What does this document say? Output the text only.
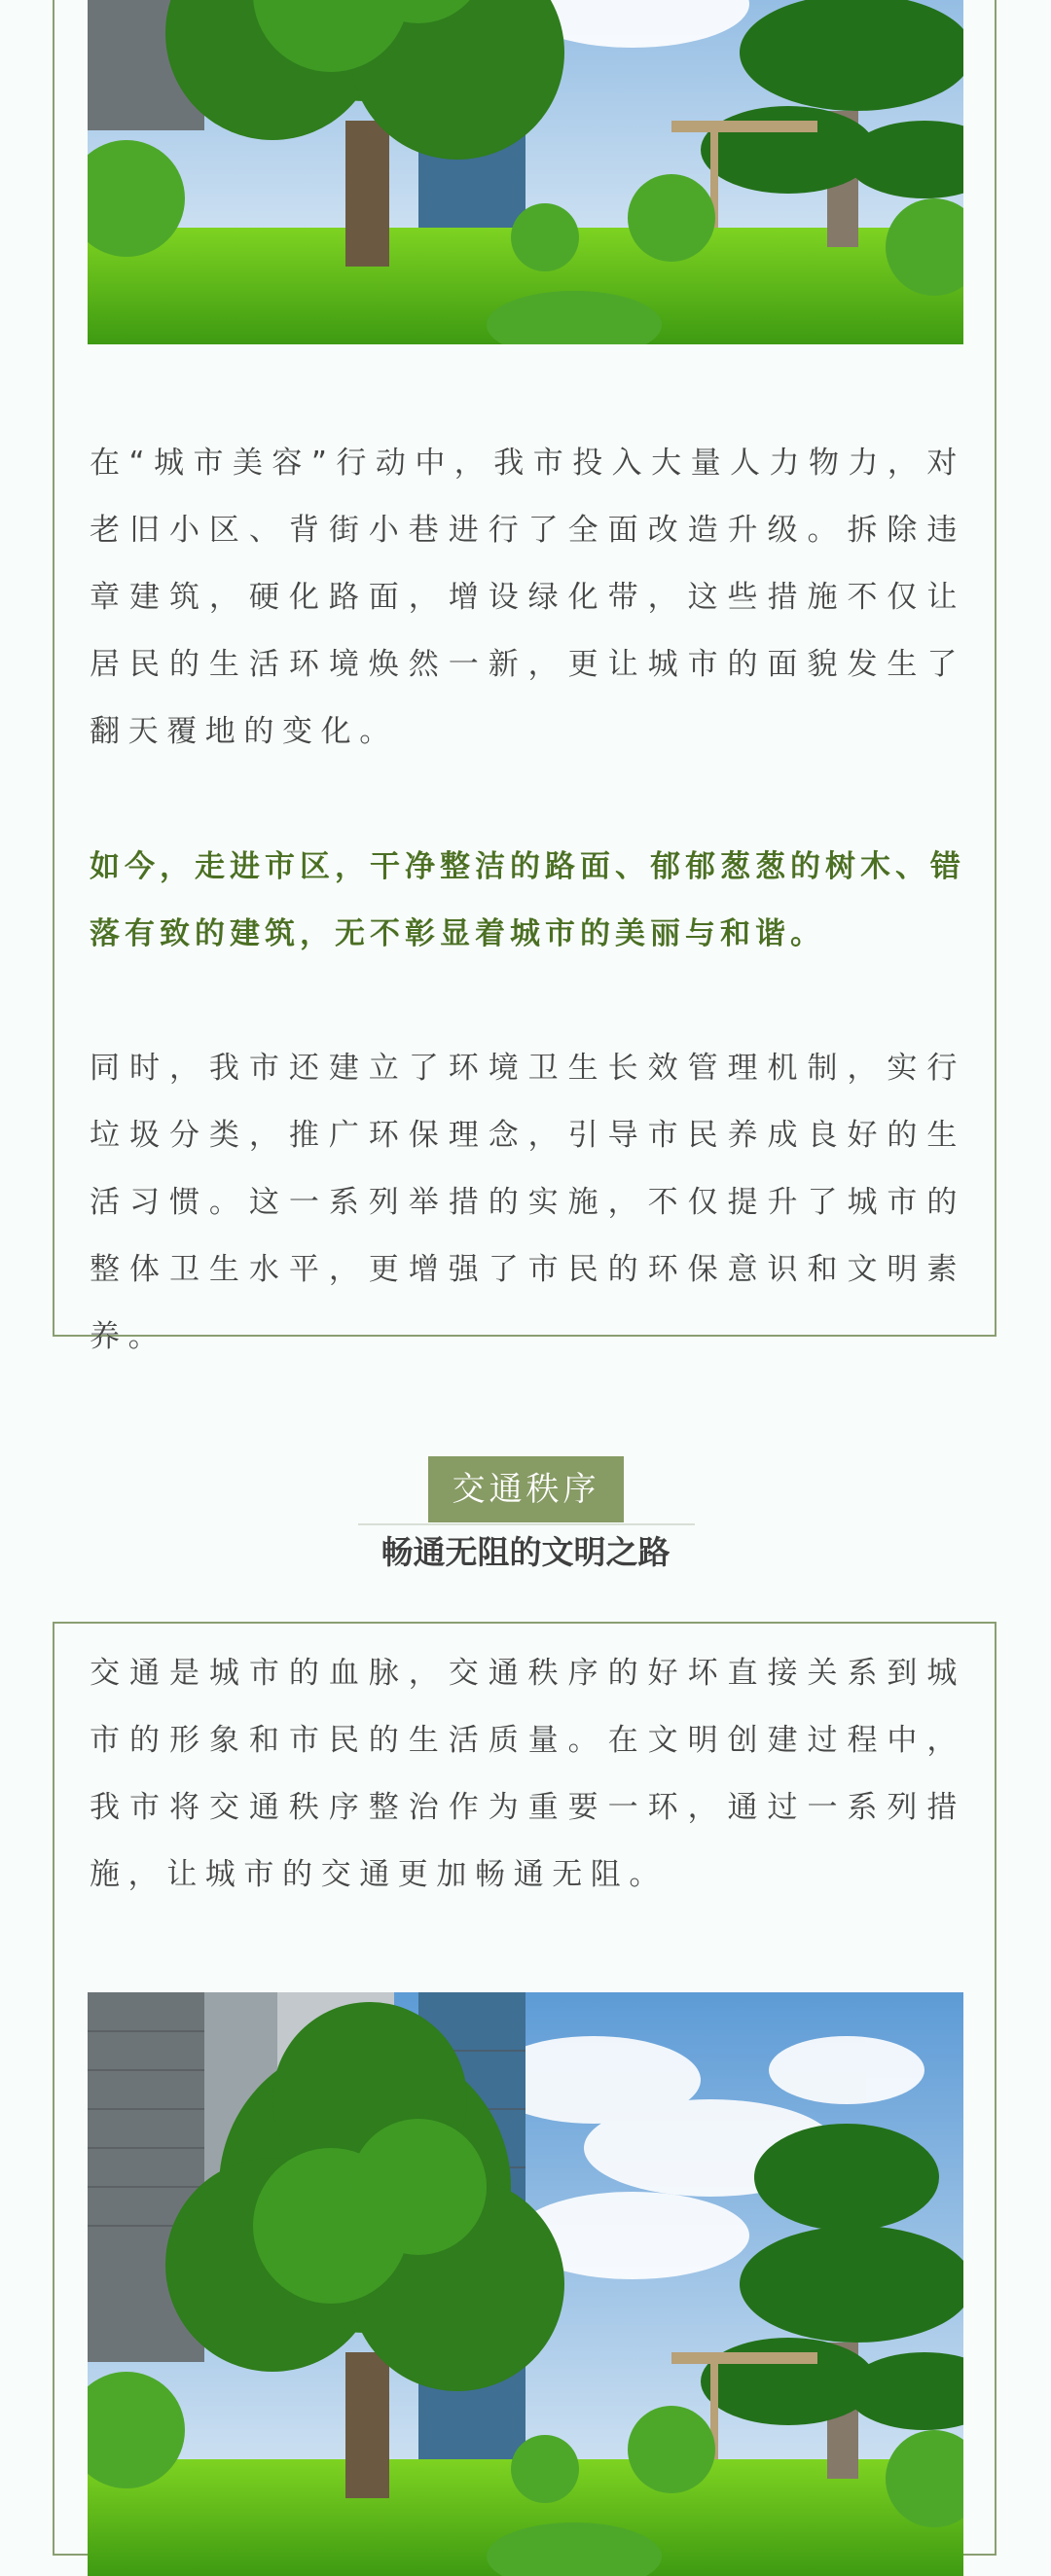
在“城市美容”行动中，我市投入大量人力物力，对老旧小区、背街小巷进行了全面改造升级。拆除违章建筑，硬化路面，增设绿化带，这些措施不仅让居民的生活环境焕然一新，更让城市的面貌发生了翻天覆地的变化。

如今，走进市区，干净整洁的路面、郁郁葱葱的树木、错落有致的建筑，无不彰显着城市的美丽与和谐。

同时，我市还建立了环境卫生长效管理机制，实行垃圾分类，推广环保理念，引导市民养成良好的生活习惯。这一系列举措的实施，不仅提升了城市的整体卫生水平，更增强了市民的环保意识和文明素养。

交通秩序
畅通无阻的文明之路

交通是城市的血脉，交通秩序的好坏直接关系到城市的形象和市民的生活质量。在文明创建过程中，我市将交通秩序整治作为重要一环，通过一系列措施，让城市的交通更加畅通无阻。
